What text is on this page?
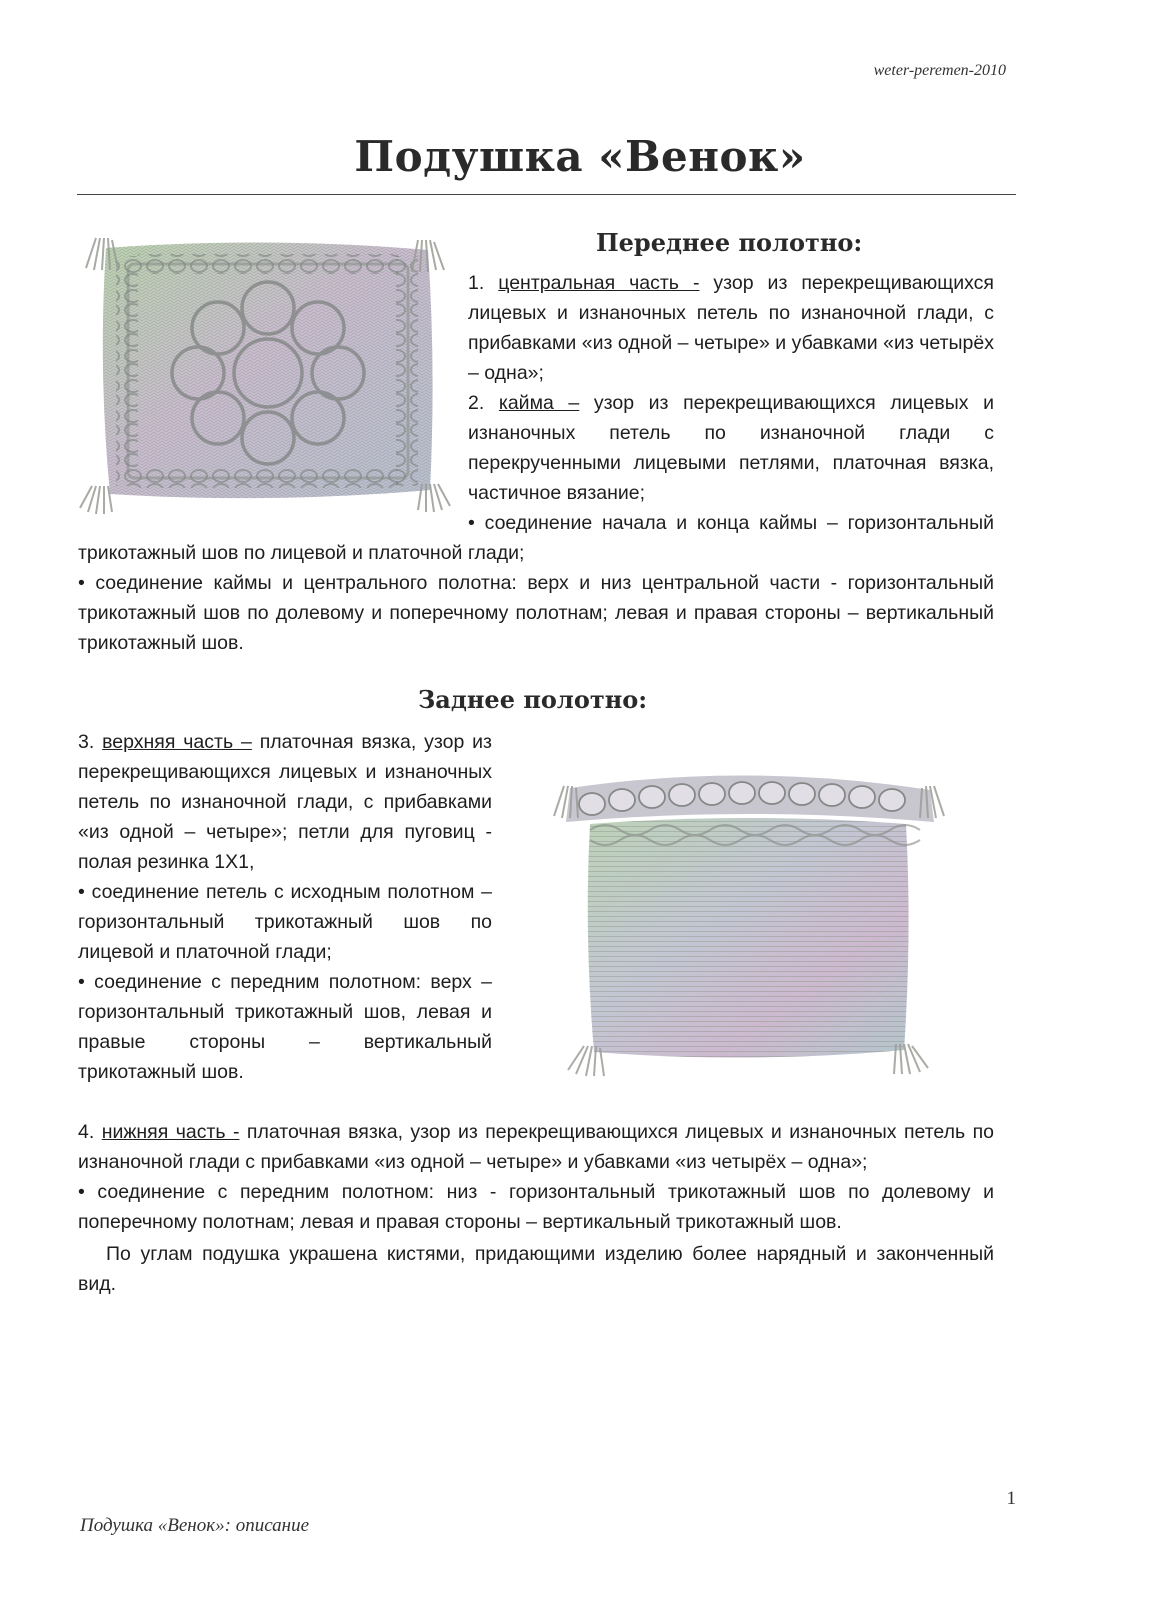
weter-peremen-2010
Подушка «Венок»
Переднее полотно:

1. центральная часть - узор из перекрещивающихся лицевых и изнаночных петель по изнаночной глади, с прибавками «из одной – четыре» и убавками «из четырёх – одна»;

2. кайма – узор из перекрещивающихся лицевых и изнаночных петель по изнаночной глади с перекрученными лицевыми петлями, платочная вязка, частичное вязание;

• соединение начала и конца каймы – горизонтальный трикотажный шов по лицевой и платочной глади;

• соединение каймы и центрального полотна: верх и низ центральной части - горизонтальный трикотажный шов по долевому и поперечному полотнам; левая и правая стороны – вертикальный трикотажный шов.

Заднее полотно:

3. верхняя часть – платочная вязка, узор из перекрещивающихся лицевых и изнаночных петель по изнаночной глади, с прибавками «из одной – четыре»; петли для пуговиц - полая резинка 1Х1,

• соединение петель с исходным полотном – горизонтальный трикотажный шов по лицевой и платочной глади;

• соединение с передним полотном: верх – горизонтальный трикотажный шов, левая и правые стороны – вертикальный трикотажный шов.

4. нижняя часть - платочная вязка, узор из перекрещивающихся лицевых и изнаночных петель по изнаночной глади с прибавками «из одной – четыре» и убавками «из четырёх – одна»;

• соединение с передним полотном: низ - горизонтальный трикотажный шов по долевому и поперечному полотнам; левая и правая стороны – вертикальный трикотажный шов.

По углам подушка украшена кистями, придающими изделию более нарядный и законченный вид.

1
Подушка «Венок»: описание
